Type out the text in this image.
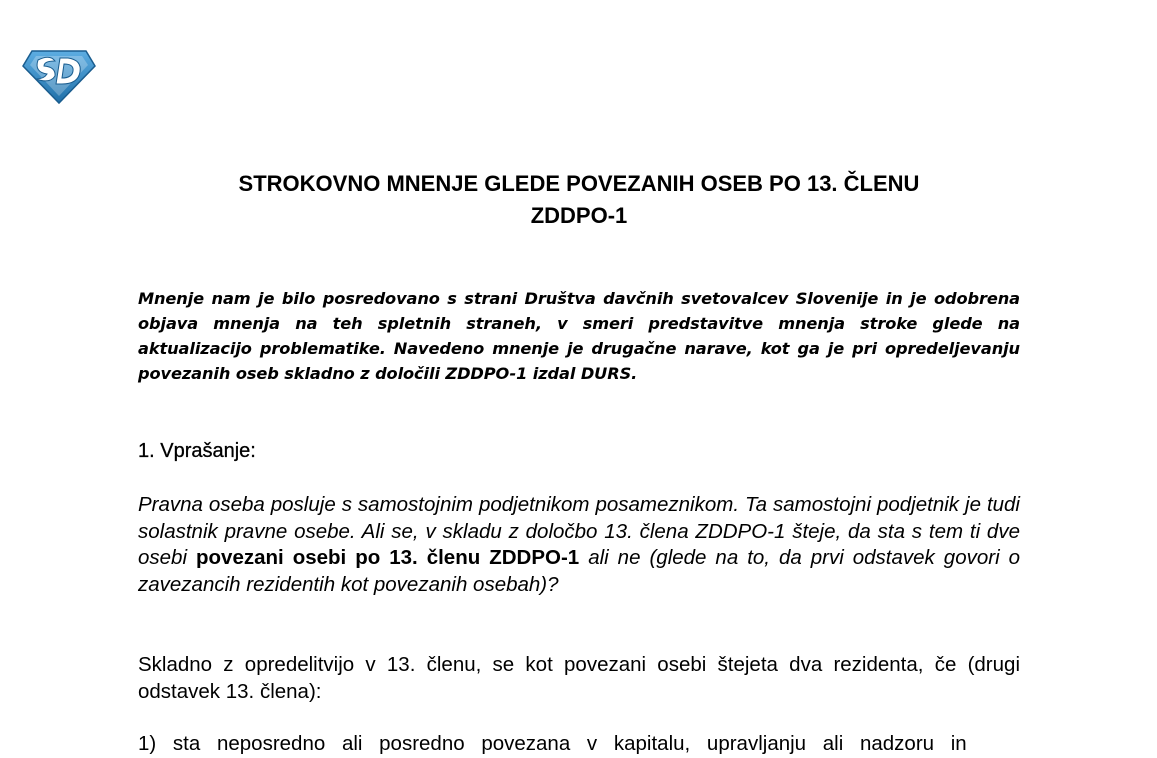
STROKOVNO MNENJE GLEDE POVEZANIH OSEB PO 13. ČLENU
ZDDPO-1

Mnenje nam je bilo posredovano s strani Društva davčnih svetovalcev Slovenije in je odobrena objava mnenja na teh spletnih straneh, v smeri predstavitve mnenja stroke glede na aktualizacijo problematike. Navedeno mnenje je drugačne narave, kot ga je pri opredeljevanju povezanih oseb skladno z določili ZDDPO-1 izdal DURS.

1. Vprašanje:

Pravna oseba posluje s samostojnim podjetnikom posameznikom. Ta samostojni podjetnik je tudi solastnik pravne osebe. Ali se, v skladu z določbo 13. člena ZDDPO-1 šteje, da sta s tem ti dve osebi povezani osebi po 13. členu ZDDPO-1 ali ne (glede na to, da prvi odstavek govori o zavezancih rezidentih kot povezanih osebah)?

Skladno z opredelitvijo v 13. členu, se kot povezani osebi štejeta dva rezidenta, če (drugi odstavek 13. člena):

1) sta neposredno ali posredno povezana v kapitalu, upravljanju ali nadzoru in
